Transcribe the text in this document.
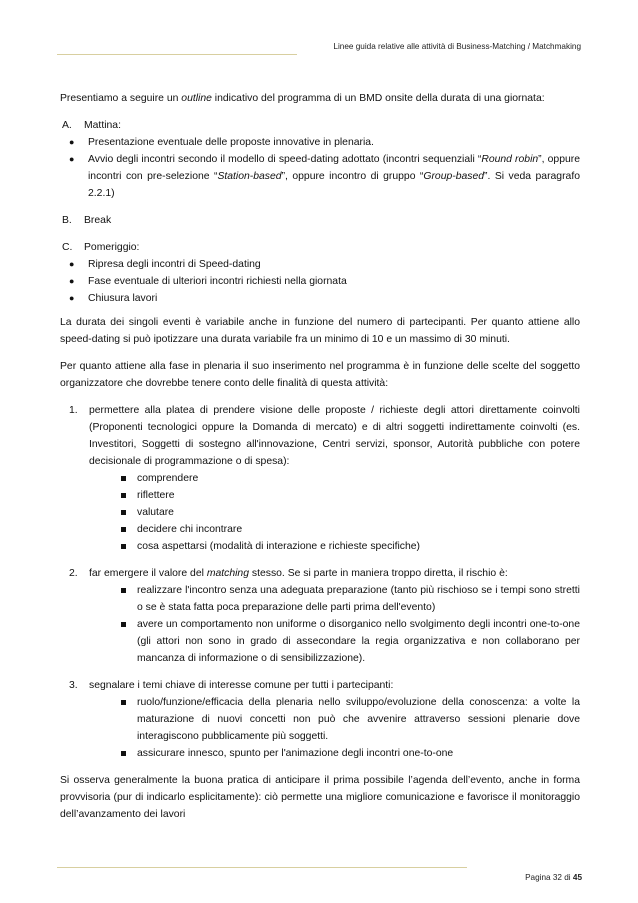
Linee guida relative alle attività di Business-Matching / Matchmaking

Presentiamo a seguire un outline indicativo del programma di un BMD onsite della durata di una giornata:

A.	Mattina:
●	Presentazione eventuale delle proposte innovative in plenaria.
●	Avvio degli incontri secondo il modello di speed-dating adottato (incontri sequenziali “Round robin”, oppure incontri con pre-selezione “Station-based”, oppure incontro di gruppo “Group-based”. Si veda paragrafo 2.2.1)
B.	Break
C.	Pomeriggio:
●	Ripresa degli incontri di Speed-dating
●	Fase eventuale di ulteriori incontri richiesti nella giornata
●	Chiusura lavori

La durata dei singoli eventi è variabile anche in funzione del numero di partecipanti. Per quanto attiene allo speed-dating si può ipotizzare una durata variabile fra un minimo di 10 e un massimo di 30 minuti.

Per quanto attiene alla fase in plenaria il suo inserimento nel programma è in funzione delle scelte del soggetto organizzatore che dovrebbe tenere conto delle finalità di questa attività:

1.	permettere alla platea di prendere visione delle proposte / richieste degli attori direttamente coinvolti (Proponenti tecnologici oppure la Domanda di mercato) e di altri soggetti indirettamente coinvolti (es. Investitori, Soggetti di sostegno all'innovazione, Centri servizi, sponsor, Autorità pubbliche con potere decisionale di programmazione o di spesa):

comprendere
riflettere
valutare
decidere chi incontrare
cosa aspettarsi (modalità di interazione e richieste specifiche)
2.	far emergere il valore del matching stesso. Se si parte in maniera troppo diretta, il rischio è:

realizzare l'incontro senza una adeguata preparazione (tanto più rischioso se i tempi sono stretti o se è stata fatta poca preparazione delle parti prima dell'evento)
avere un comportamento non uniforme o disorganico nello svolgimento degli incontri one-to-one (gli attori non sono in grado di assecondare la regia organizzativa e non collaborano per mancanza di informazione o di sensibilizzazione).
3.	segnalare i temi chiave di interesse comune per tutti i partecipanti:

ruolo/funzione/efficacia della plenaria nello sviluppo/evoluzione della conoscenza: a volte la maturazione di nuovi concetti non può che avvenire attraverso sessioni plenarie dove interagiscono pubblicamente più soggetti.
assicurare innesco, spunto per l'animazione degli incontri one-to-one

Si osserva generalmente la buona pratica di anticipare il prima possibile l’agenda dell’evento, anche in forma provvisoria (pur di indicarlo esplicitamente): ciò permette una migliore comunicazione e favorisce il monitoraggio dell’avanzamento dei lavori

Pagina 32 di 45
